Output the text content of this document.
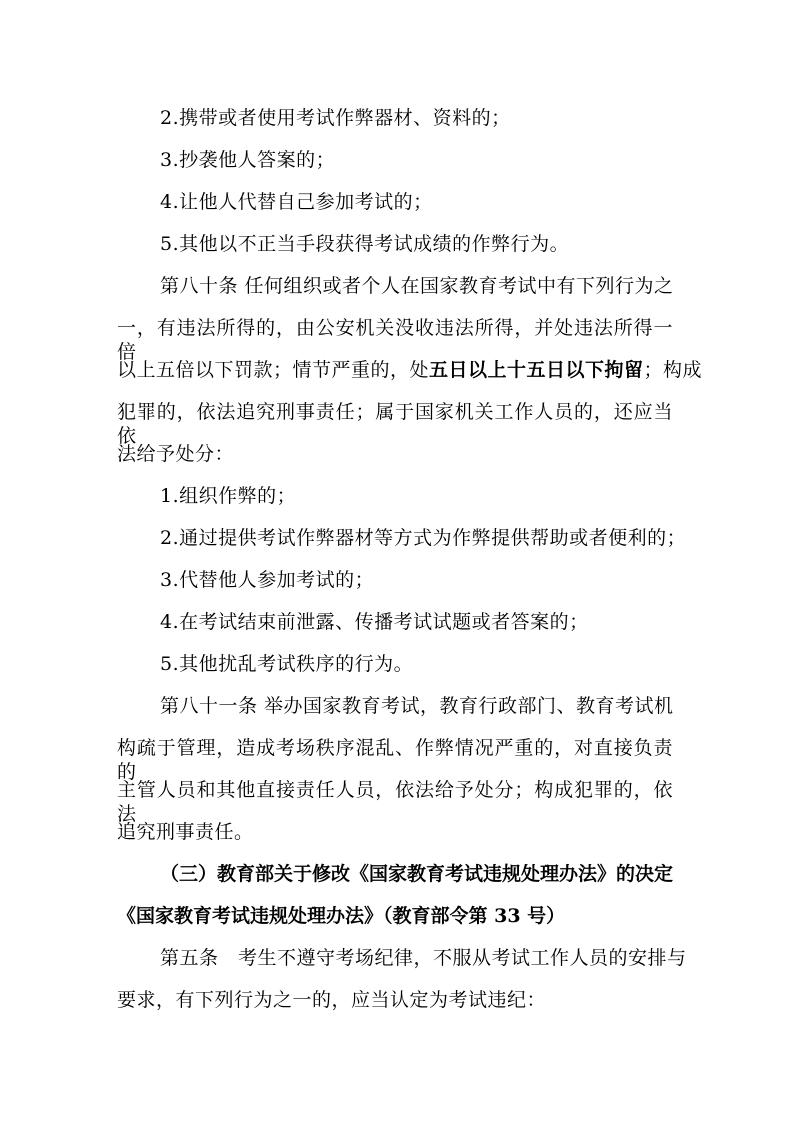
2.携带或者使用考试作弊器材、资料的；
3.抄袭他人答案的；
4.让他人代替自己参加考试的；
5.其他以不正当手段获得考试成绩的作弊行为。
第八十条 任何组织或者个人在国家教育考试中有下列行为之
一，有违法所得的，由公安机关没收违法所得，并处违法所得一倍
以上五倍以下罚款；情节严重的，处五日以上十五日以下拘留；构成
犯罪的，依法追究刑事责任；属于国家机关工作人员的，还应当依
法给予处分：
1.组织作弊的；
2.通过提供考试作弊器材等方式为作弊提供帮助或者便利的；
3.代替他人参加考试的；
4.在考试结束前泄露、传播考试试题或者答案的；
5.其他扰乱考试秩序的行为。
第八十一条 举办国家教育考试，教育行政部门、教育考试机
构疏于管理，造成考场秩序混乱、作弊情况严重的，对直接负责的
主管人员和其他直接责任人员，依法给予处分；构成犯罪的，依法
追究刑事责任。
（三）教育部关于修改《国家教育考试违规处理办法》的决定
《国家教育考试违规处理办法》（教育部令第 33 号）
第五条　考生不遵守考场纪律，不服从考试工作人员的安排与
要求，有下列行为之一的，应当认定为考试违纪：
